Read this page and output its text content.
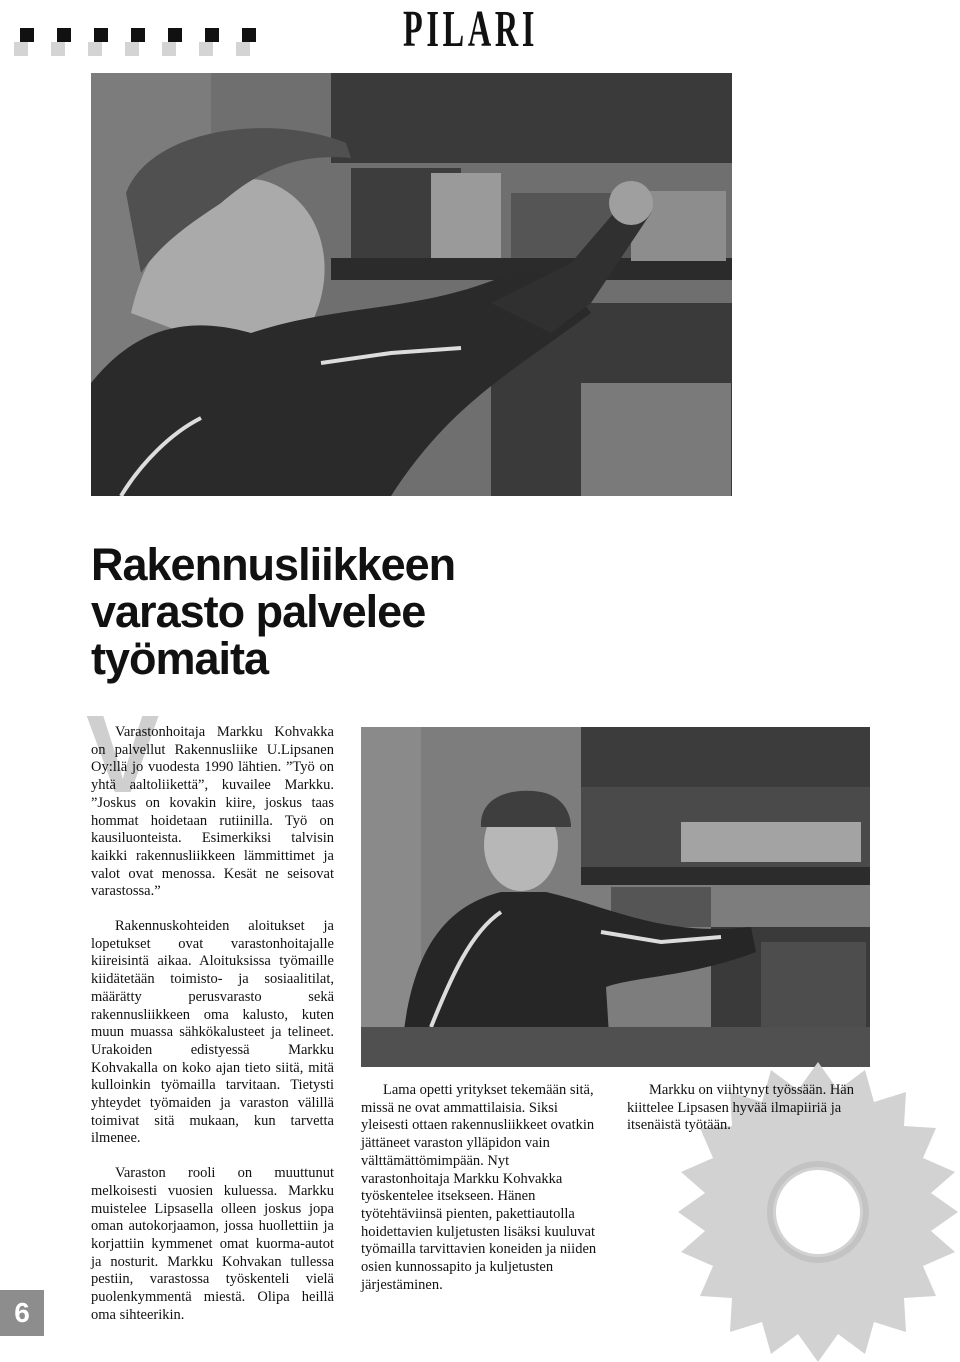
PILARI
Rakennusliikkeen
varasto palvelee
työmaita
V

Varastonhoitaja Markku Kohvakka on palvellut Rakennusliike U.Lipsanen Oy:llä jo vuodesta 1990 lähtien. ”Työ on yhtä aaltoliikettä”, kuvailee Markku. ”Joskus on kovakin kiire, joskus taas hommat hoidetaan rutiinilla. Työ on kausiluonteista. Esimerkiksi talvisin kaikki rakennusliikkeen lämmittimet ja valot ovat menossa. Kesät ne seisovat varastossa.”

Rakennuskohteiden aloitukset ja lopetukset ovat varastonhoitajalle kiireisintä aikaa. Aloituksissa työmaille kiidätetään toimisto- ja sosiaalitilat, määrätty perusvarasto sekä rakennusliikkeen oma kalusto, kuten muun muassa sähkökalusteet ja telineet. Urakoiden edistyessä Markku Kohvakalla on koko ajan tieto siitä, mitä kulloinkin työmailla tarvitaan. Tietysti yhteydet työmaiden ja varaston välillä toimivat sitä mukaan, kun tarvetta ilmenee.

Varaston rooli on muuttunut melkoisesti vuosien kuluessa. Markku muistelee Lipsasella olleen joskus jopa oman autokorjaamon, jossa huollettiin ja korjattiin kymmenet omat kuorma-autot ja nosturit. Markku Kohvakan tullessa pestiin, varastossa työskenteli vielä puolenkymmentä miestä. Olipa heillä oma sihteerikin.

Lama opetti yritykset tekemään sitä, missä ne ovat ammattilaisia. Siksi yleisesti ottaen rakennusliikkeet ovatkin jättäneet varaston ylläpidon vain välttämättömimpään. Nyt varastonhoitaja Markku Kohvakka työskentelee itsekseen. Hänen työtehtäviinsä pienten, pakettiautolla hoidettavien kuljetusten lisäksi kuuluvat työmailla tarvittavien koneiden ja niiden osien kunnossapito ja kuljetusten järjestäminen.

Markku on viihtynyt työssään. Hän kiittelee Lipsasen hyvää ilmapiiriä ja itsenäistä työtään.

6
